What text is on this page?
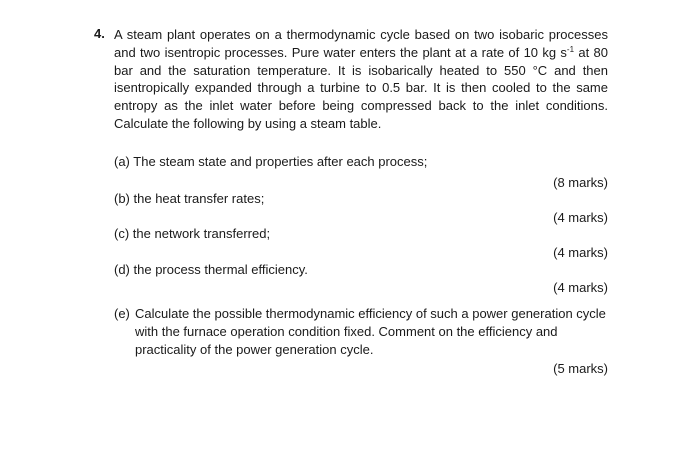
4. A steam plant operates on a thermodynamic cycle based on two isobaric processes and two isentropic processes. Pure water enters the plant at a rate of 10 kg $s^{-1}$ at 80 bar and the saturation temperature. It is isobarically heated to 550 °C and then isentropically expanded through a turbine to 0.5 bar. It is then cooled to the same entropy as the inlet water before being compressed back to the inlet conditions. Calculate the following by using a steam table.

(a) The steam state and properties after each process;
(8 marks)
(b) the heat transfer rates;
(4 marks)
(c) the network transferred;
(4 marks)
(d) the process thermal efficiency.
(4 marks)
(e) Calculate the possible thermodynamic efficiency of such a power generation cycle with the furnace operation condition fixed. Comment on the efficiency and practicality of the power generation cycle.
(5 marks)
